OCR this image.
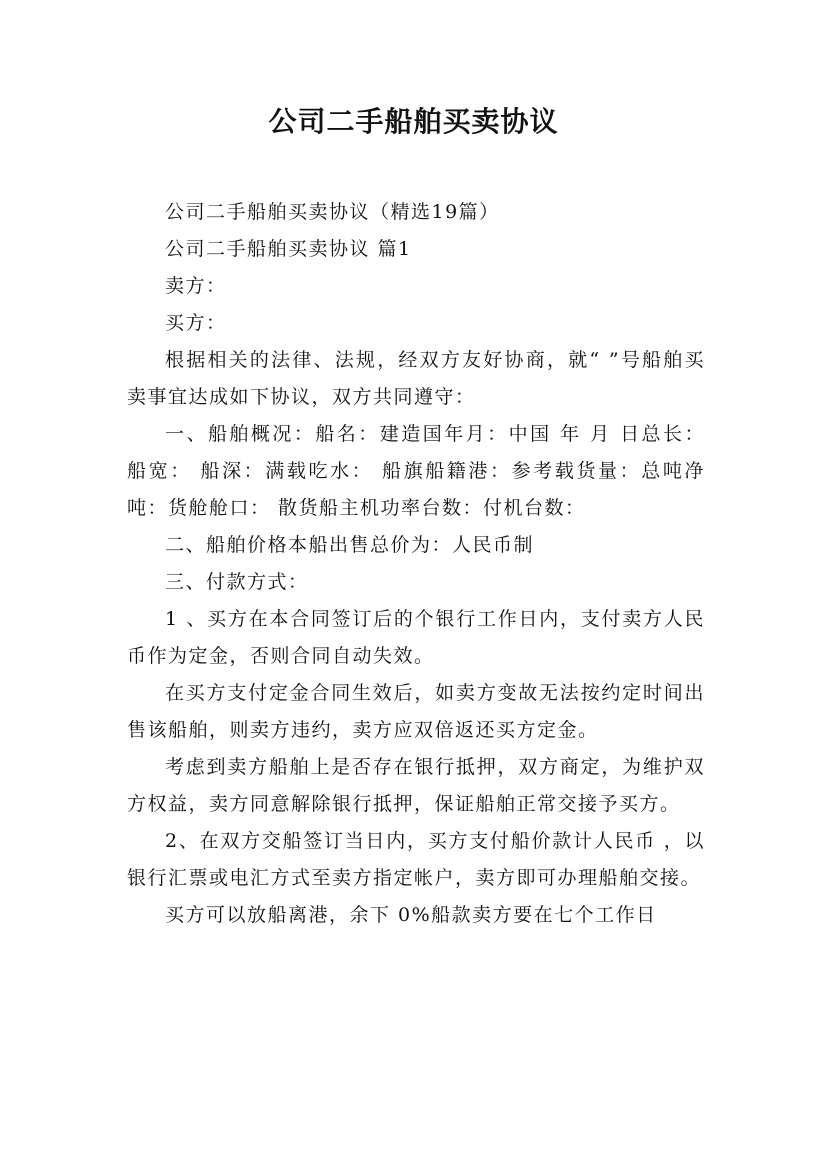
公司二手船舶买卖协议

公司二手船舶买卖协议（精选19篇）

公司二手船舶买卖协议 篇1

卖方：

买方：

根据相关的法律、法规，经双方友好协商，就“ ”号船舶买卖事宜达成如下协议，双方共同遵守：

一、船舶概况：船名：建造国年月：中国 年 月 日总长： 船宽： 船深：满载吃水： 船旗船籍港：参考载货量：总吨净吨：货舱舱口： 散货船主机功率台数：付机台数：

二、船舶价格本船出售总价为：人民币制

三、付款方式：

1 、买方在本合同签订后的个银行工作日内，支付卖方人民币作为定金，否则合同自动失效。

在买方支付定金合同生效后，如卖方变故无法按约定时间出售该船舶，则卖方违约，卖方应双倍返还买方定金。

考虑到卖方船舶上是否存在银行抵押，双方商定，为维护双方权益，卖方同意解除银行抵押，保证船舶正常交接予买方。

2、在双方交船签订当日内，买方支付船价款计人民币 ，以银行汇票或电汇方式至卖方指定帐户，卖方即可办理船舶交接。

买方可以放船离港，余下 0%船款卖方要在七个工作日
